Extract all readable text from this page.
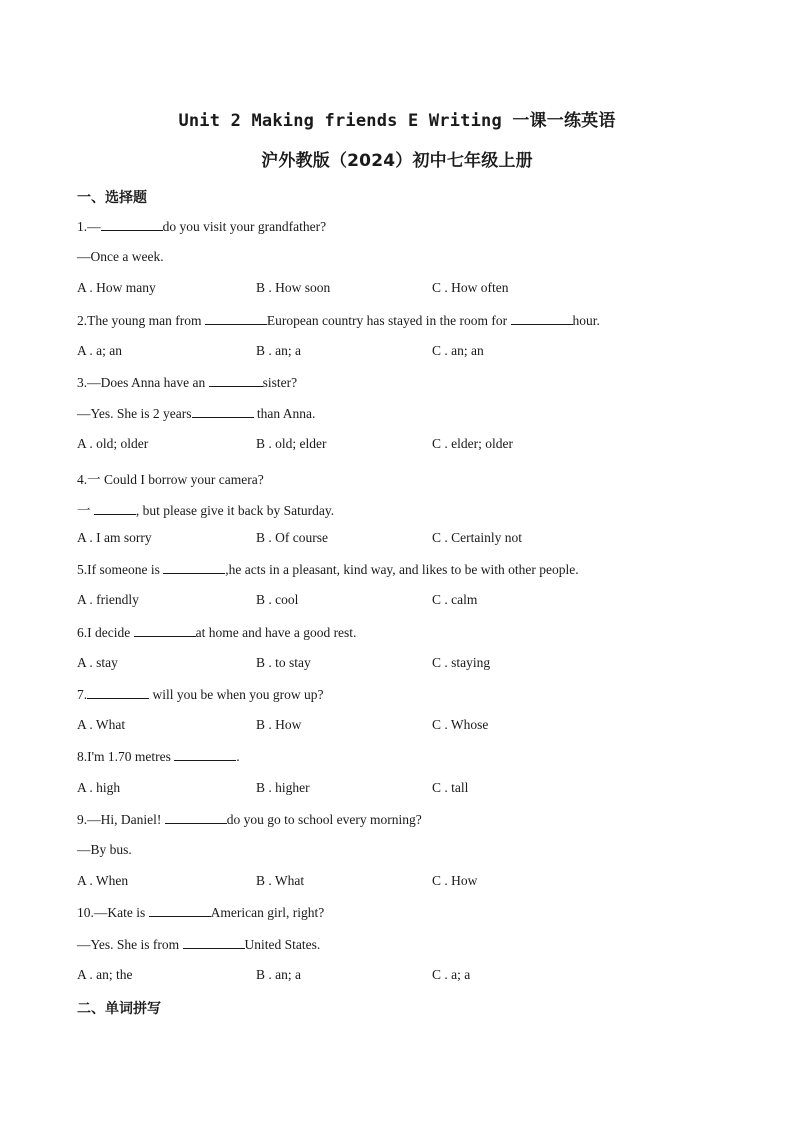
Unit 2 Making friends E Writing 一课一练英语
沪外教版（2024）初中七年级上册
一、选择题
1.—	do you visit your grandfather?
—Once a week.
A . How many	B . How soon	C . How often
2.The young man from	European country has stayed in the room for	hour.
A . a; an	B . an; a	C . an; an
3.—Does Anna have an	sister?
—Yes. She is 2 years	than Anna.
A . old; older	B . old; elder	C . elder; older
4.一 Could I borrow your camera?
一	, but please give it back by Saturday.
A . I am sorry	B . Of course	C . Certainly not
5.If someone is	,he acts in a pleasant, kind way, and likes to be with other people.
A . friendly	B . cool	C . calm
6.I decide	at home and have a good rest.
A . stay	B . to stay	C . staying
7.	will you be when you grow up?
A . What	B . How	C . Whose
8.I'm 1.70 metres	.
A . high	B . higher	C . tall
9.—Hi, Daniel!	do you go to school every morning?
—By bus.
A . When	B . What	C . How
10.—Kate is	American girl, right?
—Yes. She is from	United States.
A . an; the	B . an; a	C . a; a
二、单词拼写
